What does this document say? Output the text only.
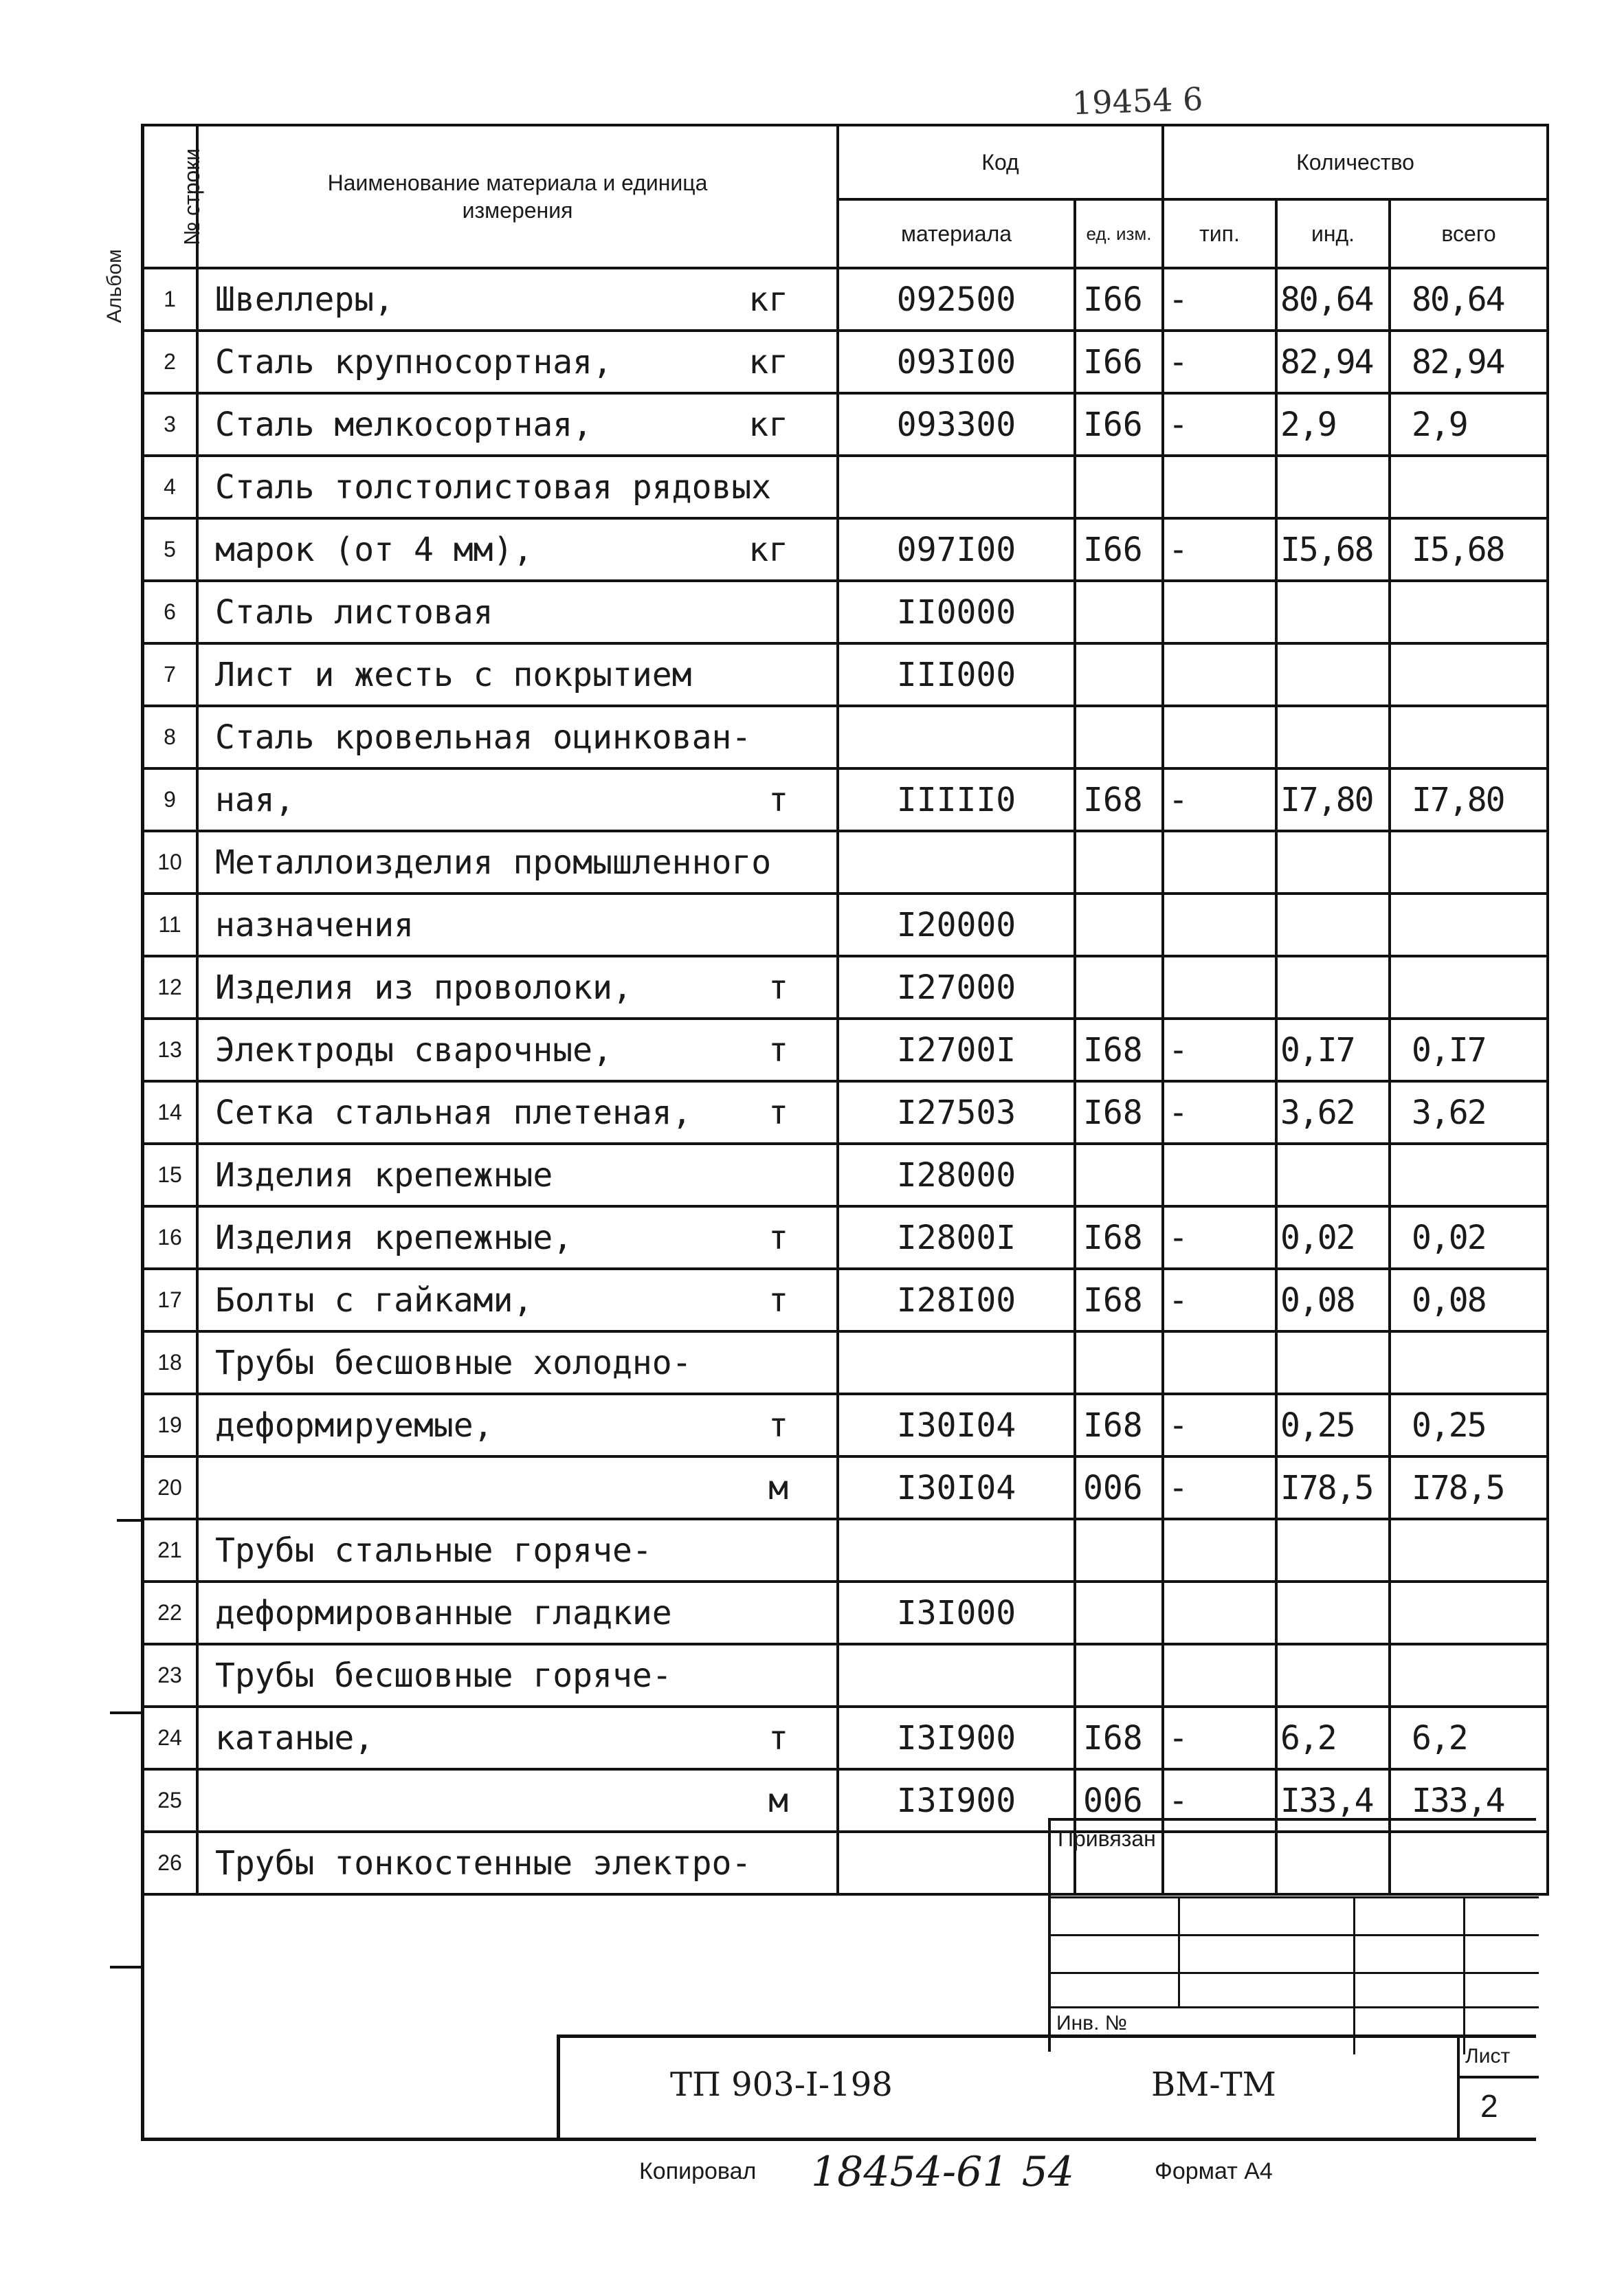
19454 6
Альбом
№ строки	Наименование материала и единица измерения	Код		Количество		
		материала	ед. изм.	тип.	инд.	всего
1	Швеллеры, кг	092500	I66	-	80,64	80,64
2	Сталь крупносортная, кг	093I00	I66	-	82,94	82,94
3	Сталь мелкосортная, кг	093300	I66	-	2,9	2,9
4	Сталь толстолистовая рядовых

5	марок (от 4 мм), кг	097I00	I66	-	I5,68	I5,68
6	Сталь листовая	II0000				
7	Лист и жесть с покрытием	III000				
8	Сталь кровельная оцинкован-

9	ная, т	IIIII0	I68	-	I7,80	I7,80
10	Металлоизделия промышленного

11	назначения	I20000				
12	Изделия из проволоки, т	I27000				
13	Электроды сварочные, т	I2700I	I68	-	0,I7	0,I7
14	Сетка стальная плетеная, т	I27503	I68	-	3,62	3,62
15	Изделия крепежные	I28000				
16	Изделия крепежные, т	I2800I	I68	-	0,02	0,02
17	Болты с гайками, т	I28I00	I68	-	0,08	0,08
18	Трубы бесшовные холодно-

19	деформируемые, т	I30I04	I68	-	0,25	0,25
20	м	I30I04	006	-	I78,5	I78,5
21	Трубы стальные горяче-

22	деформированные гладкие	I3I000				
23	Трубы бесшовные горяче-

24	катаные, т	I3I900	I68	-	6,2	6,2
25	м	I3I900	006	-	I33,4	I33,4
26	Трубы тонкостенные электро-

Привязан
Инв. №
ТП 903-I-198	ВМ-ТМ
Лист
2
Копировал 18454-61 54	Формат А4
